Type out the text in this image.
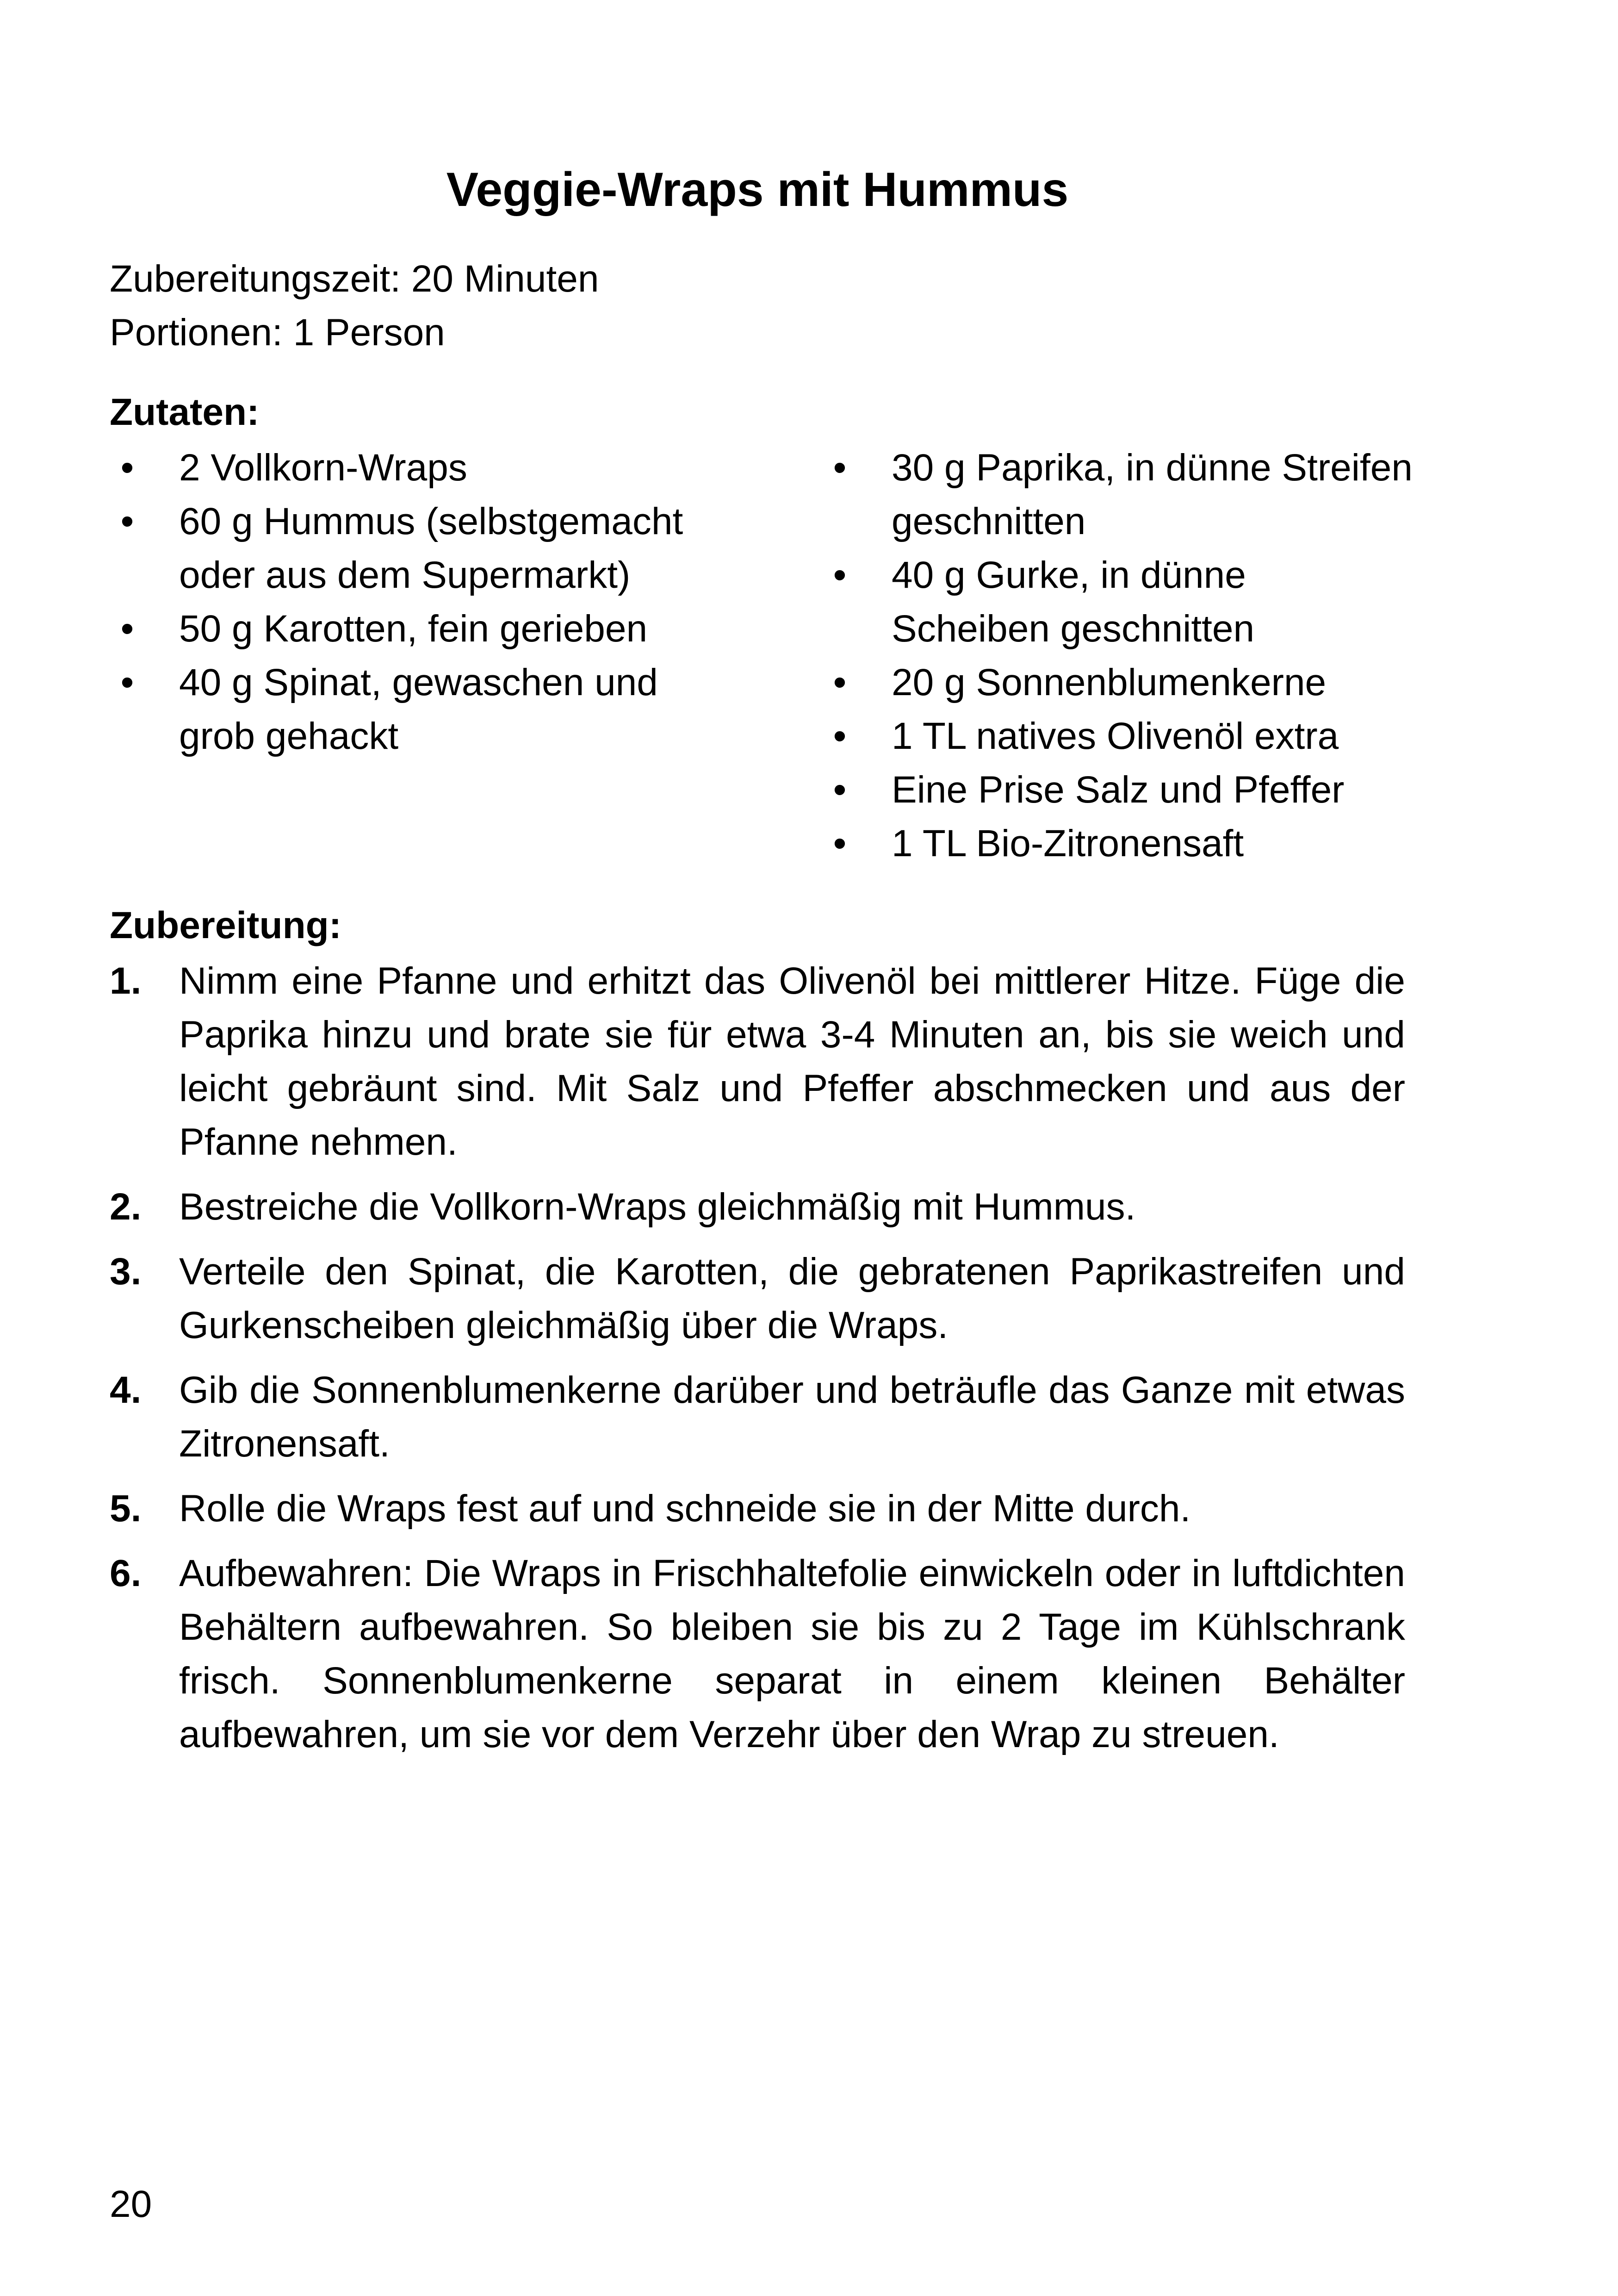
Veggie-Wraps mit Hummus
Zubereitungszeit: 20 Minuten
Portionen: 1 Person
Zutaten:
• 2 Vollkorn-Wraps
• 60 g Hummus (selbstgemacht oder aus dem Supermarkt)
• 50 g Karotten, fein gerieben
• 40 g Spinat, gewaschen und grob gehackt
• 30 g Paprika, in dünne Streifen geschnitten
• 40 g Gurke, in dünne Scheiben geschnitten
• 20 g Sonnenblumenkerne
• 1 TL natives Olivenöl extra
• Eine Prise Salz und Pfeffer
• 1 TL Bio-Zitronensaft
Zubereitung:
1. Nimm eine Pfanne und erhitzt das Olivenöl bei mittlerer Hitze. Füge die Paprika hinzu und brate sie für etwa 3-4 Minuten an, bis sie weich und leicht gebräunt sind. Mit Salz und Pfeffer abschmecken und aus der Pfanne nehmen.
2. Bestreiche die Vollkorn-Wraps gleichmäßig mit Hummus.
3. Verteile den Spinat, die Karotten, die gebratenen Paprikastreifen und Gurkenscheiben gleichmäßig über die Wraps.
4. Gib die Sonnenblumenkerne darüber und beträufle das Ganze mit etwas Zitronensaft.
5. Rolle die Wraps fest auf und schneide sie in der Mitte durch.
6. Aufbewahren: Die Wraps in Frischhaltefolie einwickeln oder in luftdichten Behältern aufbewahren. So bleiben sie bis zu 2 Tage im Kühlschrank frisch. Sonnenblumenkerne separat in einem kleinen Behälter aufbewahren, um sie vor dem Verzehr über den Wrap zu streuen.
20
